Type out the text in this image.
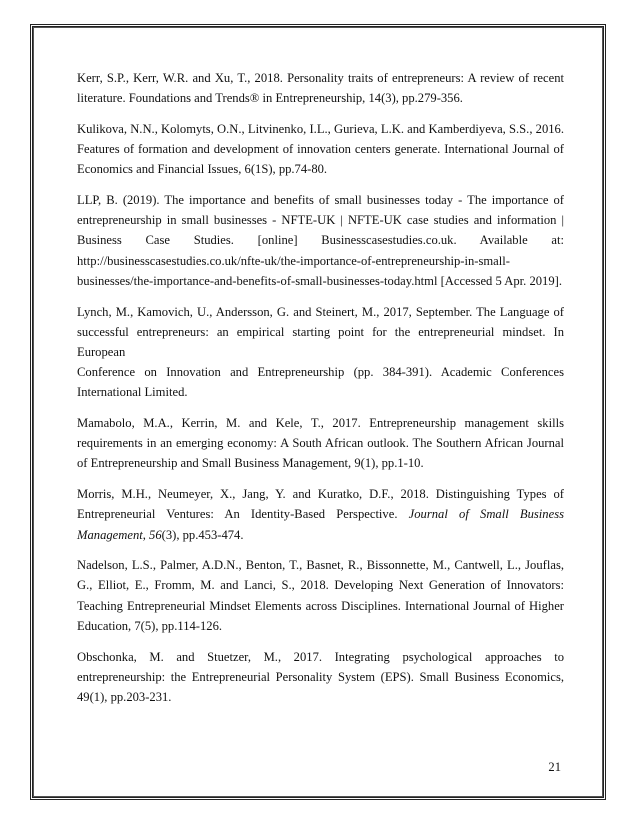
Kerr, S.P., Kerr, W.R. and Xu, T., 2018. Personality traits of entrepreneurs: A review of recent
literature. Foundations and Trends® in Entrepreneurship, 14(3), pp.279-356.
Kulikova, N.N., Kolomyts, O.N., Litvinenko, I.L., Gurieva, L.K. and Kamberdiyeva, S.S., 2016.
Features of formation and development of innovation centers generate. International Journal of
Economics and Financial Issues, 6(1S), pp.74-80.
LLP, B. (2019). The importance and benefits of small businesses today - The importance of
entrepreneurship in small businesses - NFTE-UK | NFTE-UK case studies and information |
Business Case Studies. [online] Businesscasestudies.co.uk. Available at:
http://businesscasestudies.co.uk/nfte-uk/the-importance-of-entrepreneurship-in-small-
businesses/the-importance-and-benefits-of-small-businesses-today.html [Accessed 5 Apr. 2019].
Lynch, M., Kamovich, U., Andersson, G. and Steinert, M., 2017, September. The Language of
successful entrepreneurs: an empirical starting point for the entrepreneurial mindset. In European
Conference on Innovation and Entrepreneurship (pp. 384-391). Academic Conferences
International Limited.
Mamabolo, M.A., Kerrin, M. and Kele, T., 2017. Entrepreneurship management skills
requirements in an emerging economy: A South African outlook. The Southern African Journal
of Entrepreneurship and Small Business Management, 9(1), pp.1-10.
Morris, M.H., Neumeyer, X., Jang, Y. and Kuratko, D.F., 2018. Distinguishing Types of
Entrepreneurial Ventures: An Identity-Based Perspective. Journal of Small Business
Management, 56(3), pp.453-474.
Nadelson, L.S., Palmer, A.D.N., Benton, T., Basnet, R., Bissonnette, M., Cantwell, L., Jouflas,
G., Elliot, E., Fromm, M. and Lanci, S., 2018. Developing Next Generation of Innovators:
Teaching Entrepreneurial Mindset Elements across Disciplines. International Journal of Higher
Education, 7(5), pp.114-126.
Obschonka, M. and Stuetzer, M., 2017. Integrating psychological approaches to
entrepreneurship: the Entrepreneurial Personality System (EPS). Small Business Economics,
49(1), pp.203-231.
21
